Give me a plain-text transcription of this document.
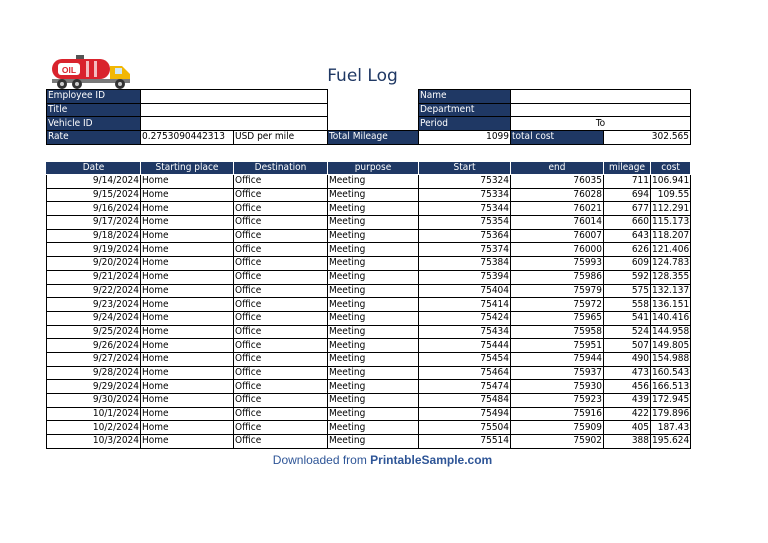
OIL	Fuel Log
Employee ID				Name		
Title				Department		
Vehicle ID				Period	To	
Rate	0.2753090442313	USD per mile	Total Mileage	1099	total cost	302.565
Date	Starting place	Destination	purpose	Start	end	mileage	cost
9/14/2024	Home	Office	Meeting	75324	76035	711	106.941
9/15/2024	Home	Office	Meeting	75334	76028	694	109.55
9/16/2024	Home	Office	Meeting	75344	76021	677	112.291
9/17/2024	Home	Office	Meeting	75354	76014	660	115.173
9/18/2024	Home	Office	Meeting	75364	76007	643	118.207
9/19/2024	Home	Office	Meeting	75374	76000	626	121.406
9/20/2024	Home	Office	Meeting	75384	75993	609	124.783
9/21/2024	Home	Office	Meeting	75394	75986	592	128.355
9/22/2024	Home	Office	Meeting	75404	75979	575	132.137
9/23/2024	Home	Office	Meeting	75414	75972	558	136.151
9/24/2024	Home	Office	Meeting	75424	75965	541	140.416
9/25/2024	Home	Office	Meeting	75434	75958	524	144.958
9/26/2024	Home	Office	Meeting	75444	75951	507	149.805
9/27/2024	Home	Office	Meeting	75454	75944	490	154.988
9/28/2024	Home	Office	Meeting	75464	75937	473	160.543
9/29/2024	Home	Office	Meeting	75474	75930	456	166.513
9/30/2024	Home	Office	Meeting	75484	75923	439	172.945
10/1/2024	Home	Office	Meeting	75494	75916	422	179.896
10/2/2024	Home	Office	Meeting	75504	75909	405	187.43
10/3/2024	Home	Office	Meeting	75514	75902	388	195.624
Downloaded from PrintableSample.com
